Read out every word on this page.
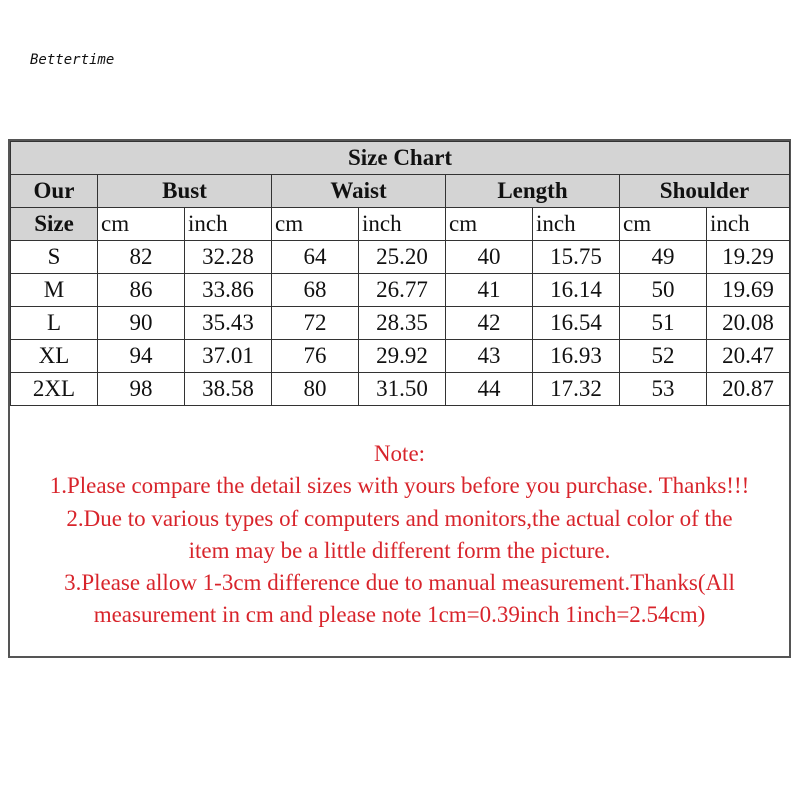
Bettertime
Size Chart								
Our	Bust		Waist		Length		Shoulder	
Size	cm	inch	cm	inch	cm	inch	cm	inch
S	82	32.28	64	25.20	40	15.75	49	19.29
M	86	33.86	68	26.77	41	16.14	50	19.69
L	90	35.43	72	28.35	42	16.54	51	20.08
XL	94	37.01	76	29.92	43	16.93	52	20.47
2XL	98	38.58	80	31.50	44	17.32	53	20.87
Note:
1.Please compare the detail sizes with yours before you purchase. Thanks!!!
2.Due to various types of computers and monitors,the actual color of the
item may be a little different form the picture.
3.Please allow 1-3cm difference due to manual measurement.Thanks(All
measurement in cm and please note 1cm=0.39inch 1inch=2.54cm)
